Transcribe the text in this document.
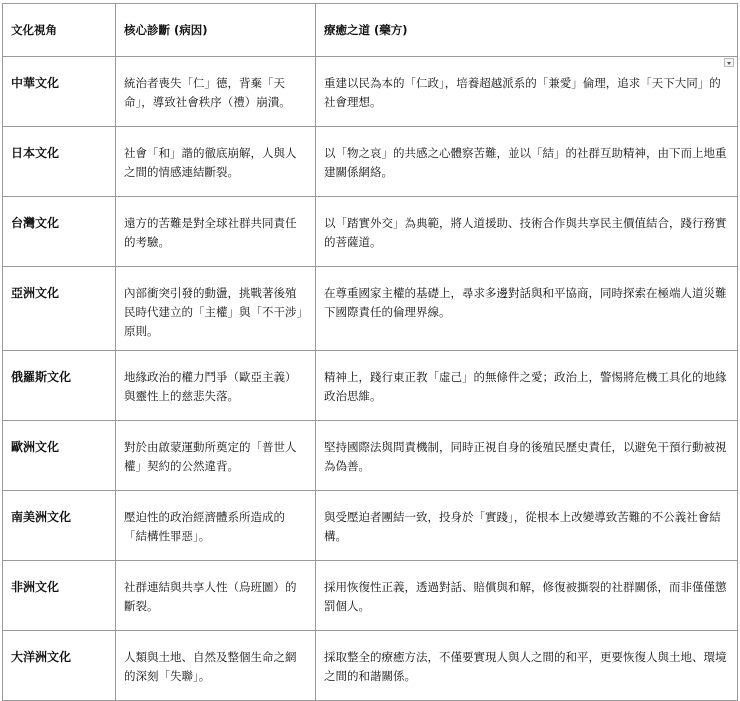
文化視角	核心診斷 (病因)	療癒之道 (藥方)
中華文化	統治者喪失「仁」德，背棄「天命」，導致社會秩序（禮）崩潰。	重建以民為本的「仁政」，培養超越派系的「兼愛」倫理，追求「天下大同」的社會理想。
日本文化	社會「和」諧的徹底崩解，人與人之間的情感連結斷裂。	以「物之哀」的共感之心體察苦難，並以「結」的社群互助精神，由下而上地重建關係網絡。
台灣文化	遠方的苦難是對全球社群共同責任的考驗。	以「踏實外交」為典範，將人道援助、技術合作與共享民主價值結合，踐行務實的菩薩道。
亞洲文化	內部衝突引發的動盪，挑戰著後殖民時代建立的「主權」與「不干涉」原則。	在尊重國家主權的基礎上，尋求多邊對話與和平協商，同時探索在極端人道災難下國際責任的倫理界線。
俄羅斯文化	地緣政治的權力鬥爭（歐亞主義）與靈性上的慈悲失落。	精神上，踐行東正教「虛己」的無條件之愛；政治上，警惕將危機工具化的地緣政治思維。
歐洲文化	對於由啟蒙運動所奠定的「普世人權」契約的公然違背。	堅持國際法與問責機制，同時正視自身的後殖民歷史責任，以避免干預行動被視為偽善。
南美洲文化	壓迫性的政治經濟體系所造成的「結構性罪惡」。	與受壓迫者團結一致，投身於「實踐」，從根本上改變導致苦難的不公義社會結構。
非洲文化	社群連結與共享人性（烏班圖）的斷裂。	採用恢復性正義，透過對話、賠償與和解，修復被撕裂的社群關係，而非僅僅懲罰個人。
大洋洲文化	人類與土地、自然及整個生命之網的深刻「失聯」。	採取整全的療癒方法，不僅要實現人與人之間的和平，更要恢復人與土地、環境之間的和諧關係。
